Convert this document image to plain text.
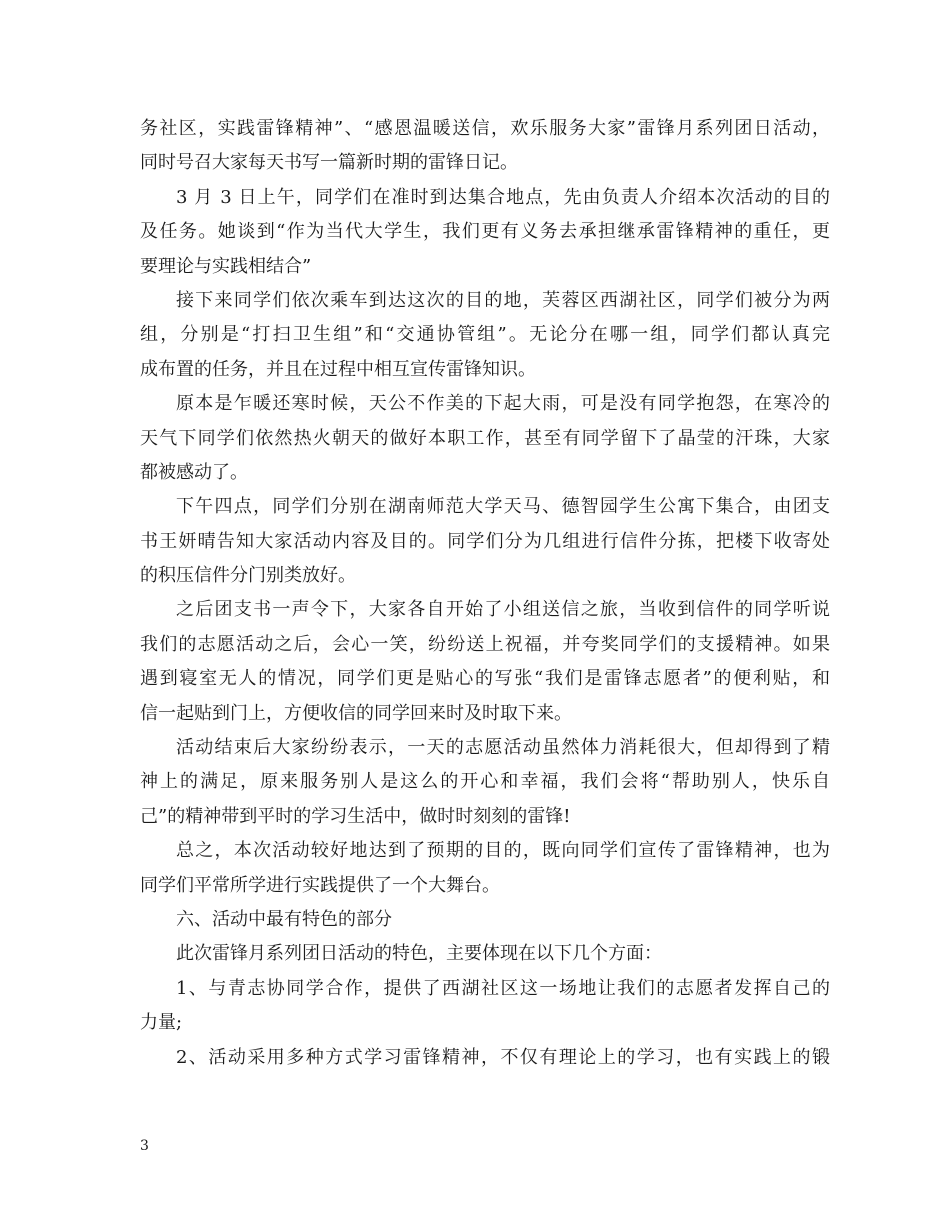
务社区，实践雷锋精神”、“感恩温暖送信，欢乐服务大家”雷锋月系列团日活动，
同时号召大家每天书写一篇新时期的雷锋日记。
3 月 3 日上午，同学们在准时到达集合地点，先由负责人介绍本次活动的目的
及任务。她谈到“作为当代大学生，我们更有义务去承担继承雷锋精神的重任，更
要理论与实践相结合”
接下来同学们依次乘车到达这次的目的地，芙蓉区西湖社区，同学们被分为两
组，分别是“打扫卫生组”和“交通协管组”。无论分在哪一组，同学们都认真完
成布置的任务，并且在过程中相互宣传雷锋知识。
原本是乍暖还寒时候，天公不作美的下起大雨，可是没有同学抱怨，在寒冷的
天气下同学们依然热火朝天的做好本职工作，甚至有同学留下了晶莹的汗珠，大家
都被感动了。
下午四点，同学们分别在湖南师范大学天马、德智园学生公寓下集合，由团支
书王妍晴告知大家活动内容及目的。同学们分为几组进行信件分拣，把楼下收寄处
的积压信件分门别类放好。
之后团支书一声令下，大家各自开始了小组送信之旅，当收到信件的同学听说
我们的志愿活动之后，会心一笑，纷纷送上祝福，并夸奖同学们的支援精神。如果
遇到寝室无人的情况，同学们更是贴心的写张“我们是雷锋志愿者”的便利贴，和
信一起贴到门上，方便收信的同学回来时及时取下来。
活动结束后大家纷纷表示，一天的志愿活动虽然体力消耗很大，但却得到了精
神上的满足，原来服务别人是这么的开心和幸福，我们会将“帮助别人，快乐自
己”的精神带到平时的学习生活中，做时时刻刻的雷锋!
总之，本次活动较好地达到了预期的目的，既向同学们宣传了雷锋精神，也为
同学们平常所学进行实践提供了一个大舞台。
六、活动中最有特色的部分
此次雷锋月系列团日活动的特色，主要体现在以下几个方面：
1、与青志协同学合作，提供了西湖社区这一场地让我们的志愿者发挥自己的
力量;
2、活动采用多种方式学习雷锋精神，不仅有理论上的学习，也有实践上的锻
3
